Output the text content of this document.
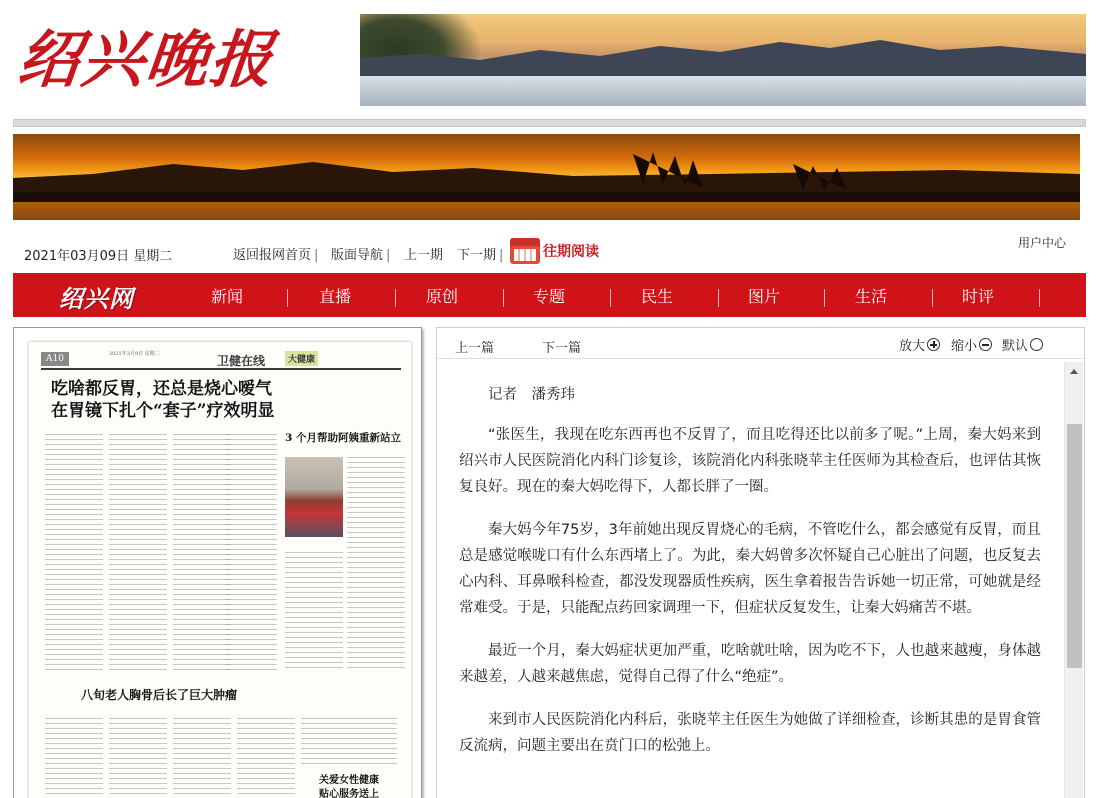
绍兴晚报
2021年03月09日 星期二	返回报网首页 | 版面导航 | 上一期 下一期 |	往期阅读
用户中心
绍兴网	新闻	直播	原创	专题	民生	图片	生活	时评
A10	2021年3月9日 星期二	卫健在线	大健康
吃啥都反胃，还总是烧心嗳气
在胃镜下扎个“套子”疗效明显
3 个月帮助阿姨重新站立
八旬老人胸骨后长了巨大肿瘤
关爱女性健康
贴心服务送上
上一篇	下一篇	放大 缩小 默认
记者　潘秀玮

“张医生，我现在吃东西再也不反胃了，而且吃得还比以前多了呢。”上周，秦大妈来到绍兴市人民医院消化内科门诊复诊，该院消化内科张晓苹主任医师为其检查后，也评估其恢复良好。现在的秦大妈吃得下，人都长胖了一圈。

秦大妈今年75岁，3年前她出现反胃烧心的毛病，不管吃什么，都会感觉有反胃，而且总是感觉喉咙口有什么东西堵上了。为此，秦大妈曾多次怀疑自己心脏出了问题，也反复去心内科、耳鼻喉科检查，都没发现器质性疾病，医生拿着报告告诉她一切正常，可她就是经常难受。于是，只能配点药回家调理一下，但症状反复发生，让秦大妈痛苦不堪。

最近一个月，秦大妈症状更加严重，吃啥就吐啥，因为吃不下，人也越来越瘦，身体越来越差，人越来越焦虑，觉得自己得了什么“绝症”。

来到市人民医院消化内科后，张晓苹主任医生为她做了详细检查，诊断其患的是胃食管反流病，问题主要出在贲门口的松弛上。
